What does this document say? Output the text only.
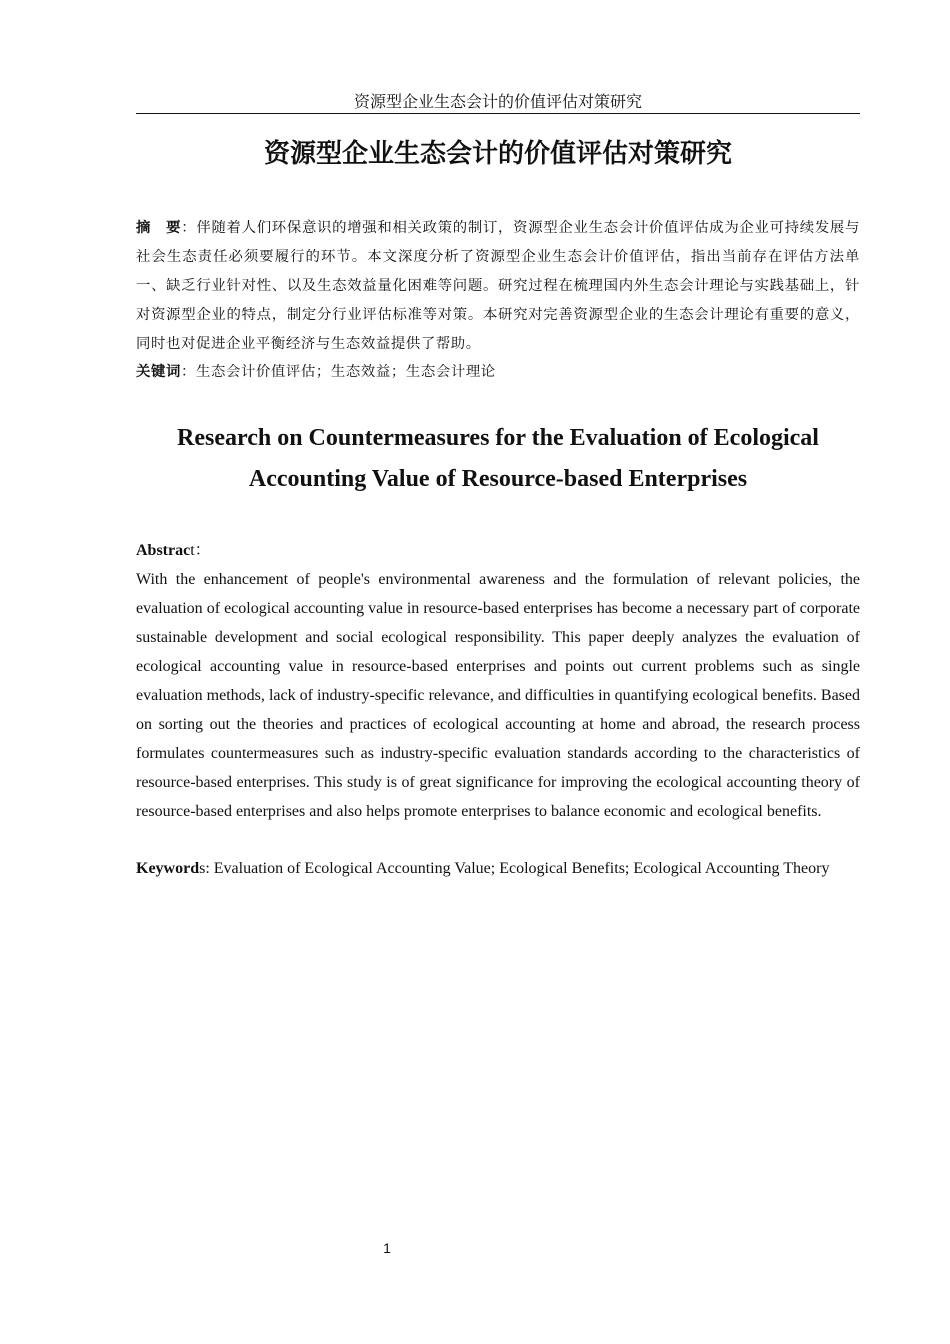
资源型企业生态会计的价值评估对策研究
资源型企业生态会计的价值评估对策研究
摘　要：伴随着人们环保意识的增强和相关政策的制订，资源型企业生态会计价值评估成为企业可持续发展与社会生态责任必须要履行的环节。本文深度分析了资源型企业生态会计价值评估，指出当前存在评估方法单一、缺乏行业针对性、以及生态效益量化困难等问题。研究过程在梳理国内外生态会计理论与实践基础上，针对资源型企业的特点，制定分行业评估标准等对策。本研究对完善资源型企业的生态会计理论有重要的意义，同时也对促进企业平衡经济与生态效益提供了帮助。
关键词：生态会计价值评估；生态效益；生态会计理论
Research on Countermeasures for the Evaluation of Ecological Accounting Value of Resource-based Enterprises
Abstract：
With the enhancement of people's environmental awareness and the formulation of relevant policies, the evaluation of ecological accounting value in resource-based enterprises has become a necessary part of corporate sustainable development and social ecological responsibility. This paper deeply analyzes the evaluation of ecological accounting value in resource-based enterprises and points out current problems such as single evaluation methods, lack of industry-specific relevance, and difficulties in quantifying ecological benefits. Based on sorting out the theories and practices of ecological accounting at home and abroad, the research process formulates countermeasures such as industry-specific evaluation standards according to the characteristics of resource-based enterprises. This study is of great significance for improving the ecological accounting theory of resource-based enterprises and also helps promote enterprises to balance economic and ecological benefits.
Keywords: Evaluation of Ecological Accounting Value; Ecological Benefits; Ecological Accounting Theory
1
